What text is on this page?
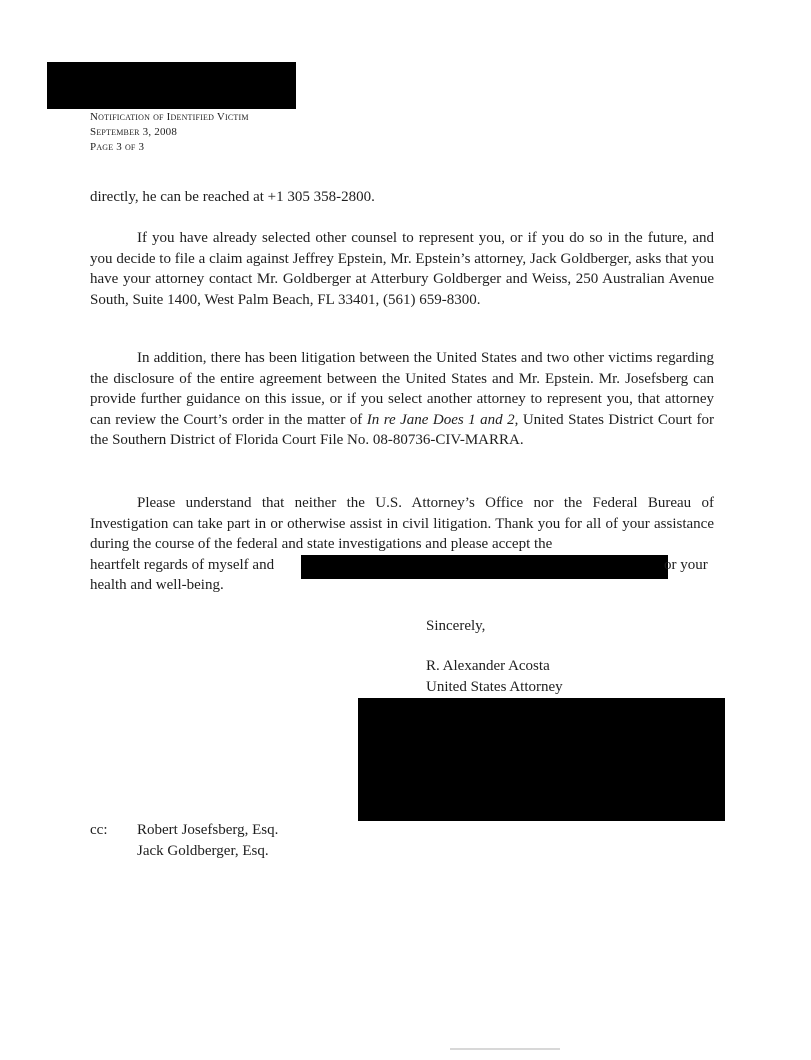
Notification of Identified Victim
September 3, 2008
Page 3 of 3
directly, he can be reached at +1 305 358-2800.
If you have already selected other counsel to represent you, or if you do so in the future, and you decide to file a claim against Jeffrey Epstein, Mr. Epstein’s attorney, Jack Goldberger, asks that you have your attorney contact Mr. Goldberger at Atterbury Goldberger and Weiss, 250 Australian Avenue South, Suite 1400, West Palm Beach, FL 33401, (561) 659-8300.
In addition, there has been litigation between the United States and two other victims regarding the disclosure of the entire agreement between the United States and Mr. Epstein. Mr. Josefsberg can provide further guidance on this issue, or if you select another attorney to represent you, that attorney can review the Court’s order in the matter of In re Jane Does 1 and 2, United States District Court for the Southern District of Florida Court File No. 08-80736-CIV-MARRA.
Please understand that neither the U.S. Attorney’s Office nor the Federal Bureau of Investigation can take part in or otherwise assist in civil litigation. Thank you for all of your assistance during the course of the federal and state investigations and please accept the
heartfelt regards of myself and	or your
health and well-being.
Sincerely,
R. Alexander Acosta
United States Attorney
cc: Robert Josefsberg, Esq.
Jack Goldberger, Esq.
